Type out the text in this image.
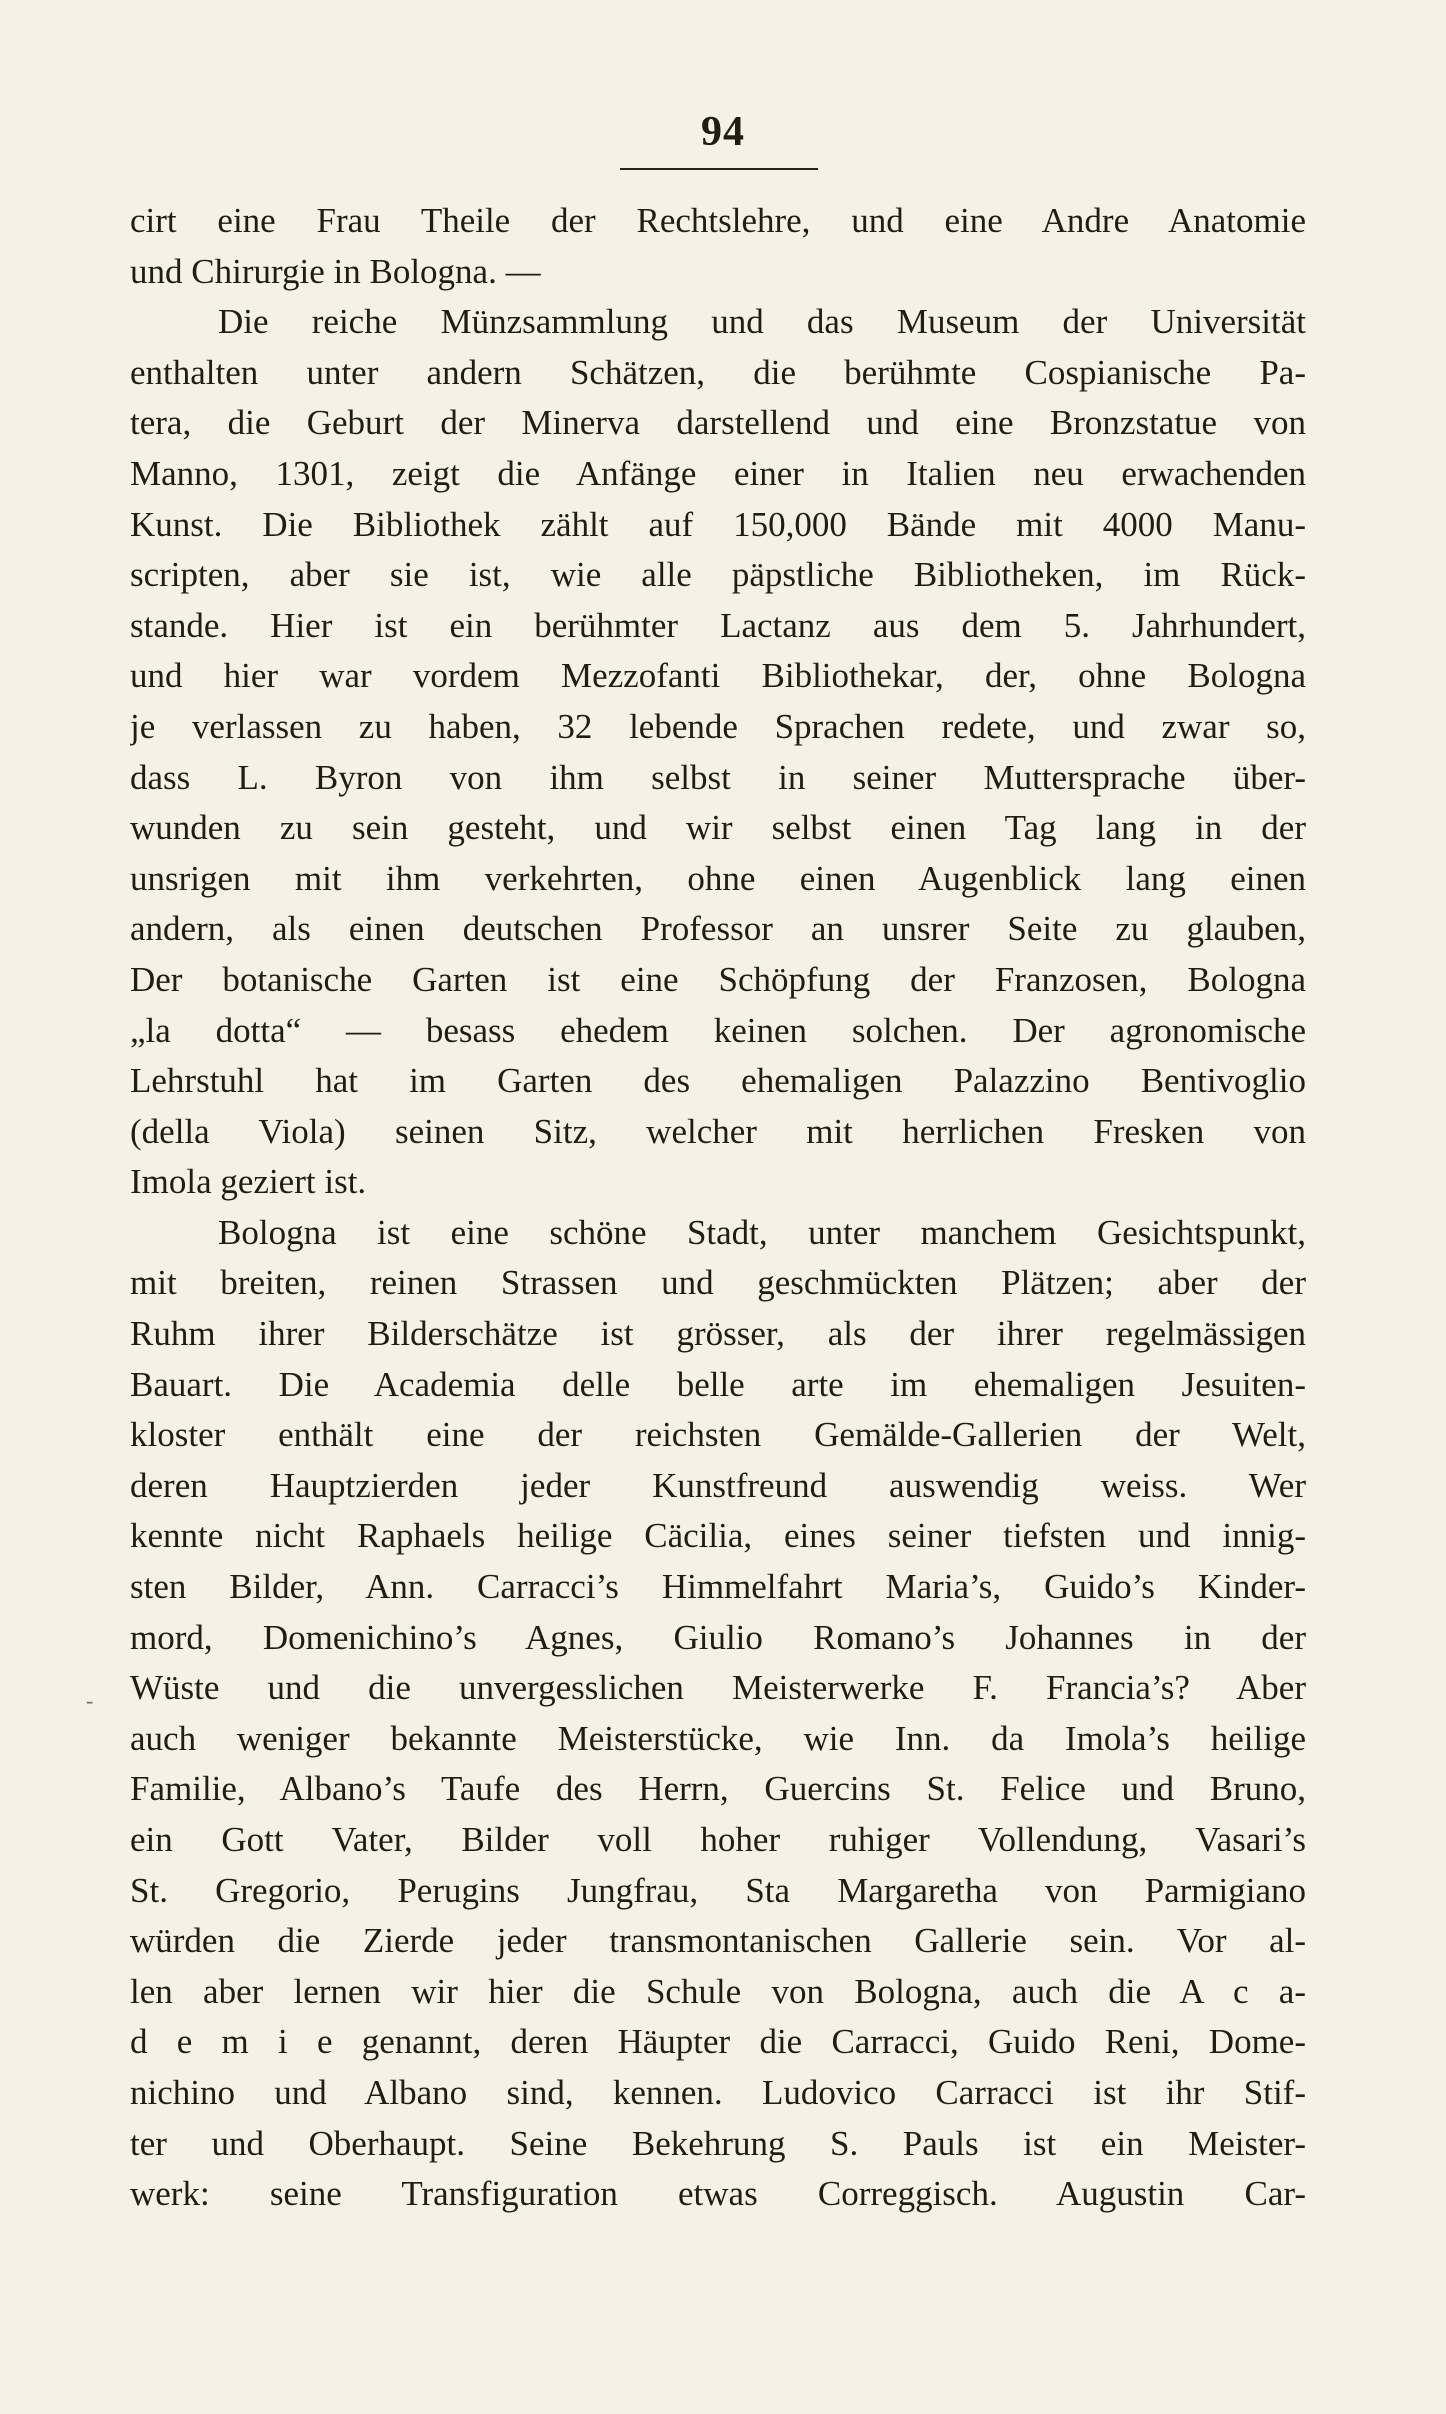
94
-
cirt eine Frau Theile der Rechtslehre, und eine Andre Anatomie
und Chirurgie in Bologna. —
Die reiche Münzsammlung und das Museum der Universität
enthalten unter andern Schätzen, die berühmte Cospianische Pa-
tera, die Geburt der Minerva darstellend und eine Bronzstatue von
Manno, 1301, zeigt die Anfänge einer in Italien neu erwachenden
Kunst. Die Bibliothek zählt auf 150,000 Bände mit 4000 Manu-
scripten, aber sie ist, wie alle päpstliche Bibliotheken, im Rück-
stande. Hier ist ein berühmter Lactanz aus dem 5. Jahrhundert,
und hier war vordem Mezzofanti Bibliothekar, der, ohne Bologna
je verlassen zu haben, 32 lebende Sprachen redete, und zwar so,
dass L. Byron von ihm selbst in seiner Muttersprache über-
wunden zu sein gesteht, und wir selbst einen Tag lang in der
unsrigen mit ihm verkehrten, ohne einen Augenblick lang einen
andern, als einen deutschen Professor an unsrer Seite zu glauben,
Der botanische Garten ist eine Schöpfung der Franzosen, Bologna
„la dotta“ — besass ehedem keinen solchen. Der agronomische
Lehrstuhl hat im Garten des ehemaligen Palazzino Bentivoglio
(della Viola) seinen Sitz, welcher mit herrlichen Fresken von
Imola geziert ist.
Bologna ist eine schöne Stadt, unter manchem Gesichtspunkt,
mit breiten, reinen Strassen und geschmückten Plätzen; aber der
Ruhm ihrer Bilderschätze ist grösser, als der ihrer regelmässigen
Bauart. Die Academia delle belle arte im ehemaligen Jesuiten-
kloster enthält eine der reichsten Gemälde-Gallerien der Welt,
deren Hauptzierden jeder Kunstfreund auswendig weiss. Wer
kennte nicht Raphaels heilige Cäcilia, eines seiner tiefsten und innig-
sten Bilder, Ann. Carracci’s Himmelfahrt Maria’s, Guido’s Kinder-
mord, Domenichino’s Agnes, Giulio Romano’s Johannes in der
Wüste und die unvergesslichen Meisterwerke F. Francia’s? Aber
auch weniger bekannte Meisterstücke, wie Inn. da Imola’s heilige
Familie, Albano’s Taufe des Herrn, Guercins St. Felice und Bruno,
ein Gott Vater, Bilder voll hoher ruhiger Vollendung, Vasari’s
St. Gregorio, Perugins Jungfrau, Sta Margaretha von Parmigiano
würden die Zierde jeder transmontanischen Gallerie sein. Vor al-
len aber lernen wir hier die Schule von Bologna, auch die A c a-
d e m i e genannt, deren Häupter die Carracci, Guido Reni, Dome-
nichino und Albano sind, kennen. Ludovico Carracci ist ihr Stif-
ter und Oberhaupt. Seine Bekehrung S. Pauls ist ein Meister-
werk: seine Transfiguration etwas Correggisch. Augustin Car-
